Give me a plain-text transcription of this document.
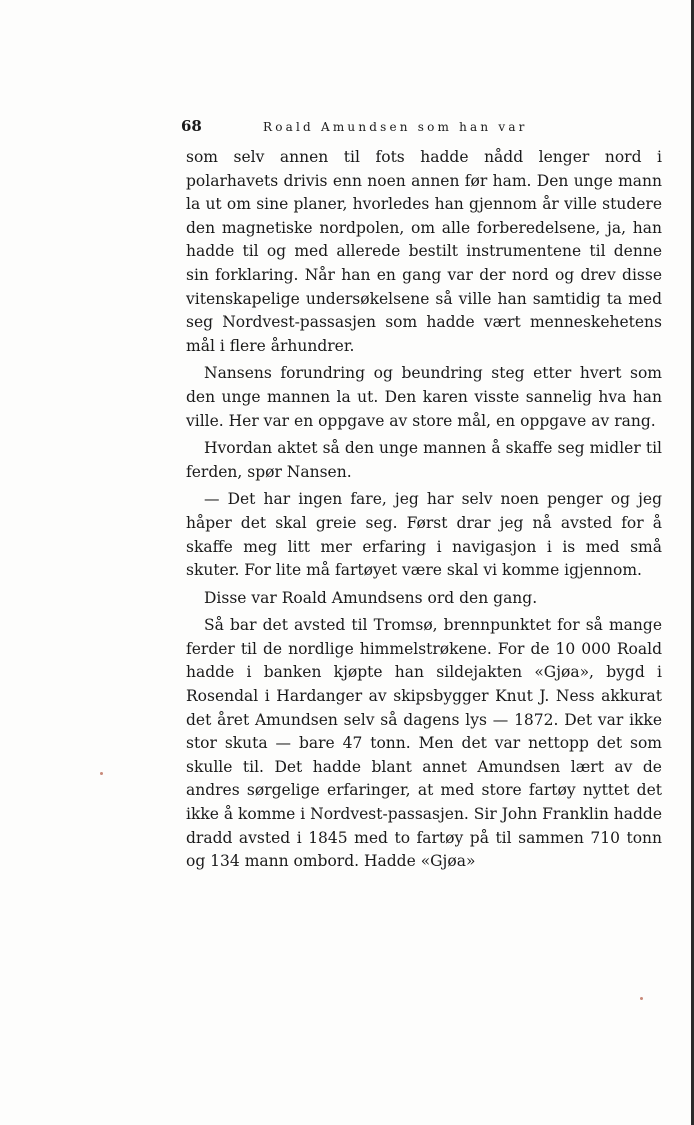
68	Roald Amundsen som han var

som selv annen til fots hadde nådd lenger nord i polarhavets drivis enn noen annen før ham. Den unge mann la ut om sine planer, hvorledes han gjennom år ville studere den magnetiske nordpolen, om alle forberedelsene, ja, han hadde til og med allerede bestilt instrumentene til denne sin forklaring. Når han en gang var der nord og drev disse vitenskapelige undersøkelsene så ville han samtidig ta med seg Nordvest-passasjen som hadde vært menneskehetens mål i flere århundrer.

Nansens forundring og beundring steg etter hvert som den unge mannen la ut. Den karen visste sannelig hva han ville. Her var en oppgave av store mål, en oppgave av rang.

Hvordan aktet så den unge mannen å skaffe seg midler til ferden, spør Nansen.

— Det har ingen fare, jeg har selv noen penger og jeg håper det skal greie seg. Først drar jeg nå avsted for å skaffe meg litt mer erfaring i navigasjon i is med små skuter. For lite må fartøyet være skal vi komme igjennom.

Disse var Roald Amundsens ord den gang.

Så bar det avsted til Tromsø, brennpunktet for så mange ferder til de nordlige himmelstrøkene. For de 10 000 Roald hadde i banken kjøpte han sildejakten «Gjøa», bygd i Rosendal i Hardanger av skipsbygger Knut J. Ness akkurat det året Amundsen selv så dagens lys — 1872. Det var ikke stor skuta — bare 47 tonn. Men det var nettopp det som skulle til. Det hadde blant annet Amundsen lært av de andres sørgelige erfaringer, at med store fartøy nyttet det ikke å komme i Nordvest-passasjen. Sir John Franklin hadde dradd avsted i 1845 med to fartøy på til sammen 710 tonn og 134 mann ombord. Hadde «Gjøa»
